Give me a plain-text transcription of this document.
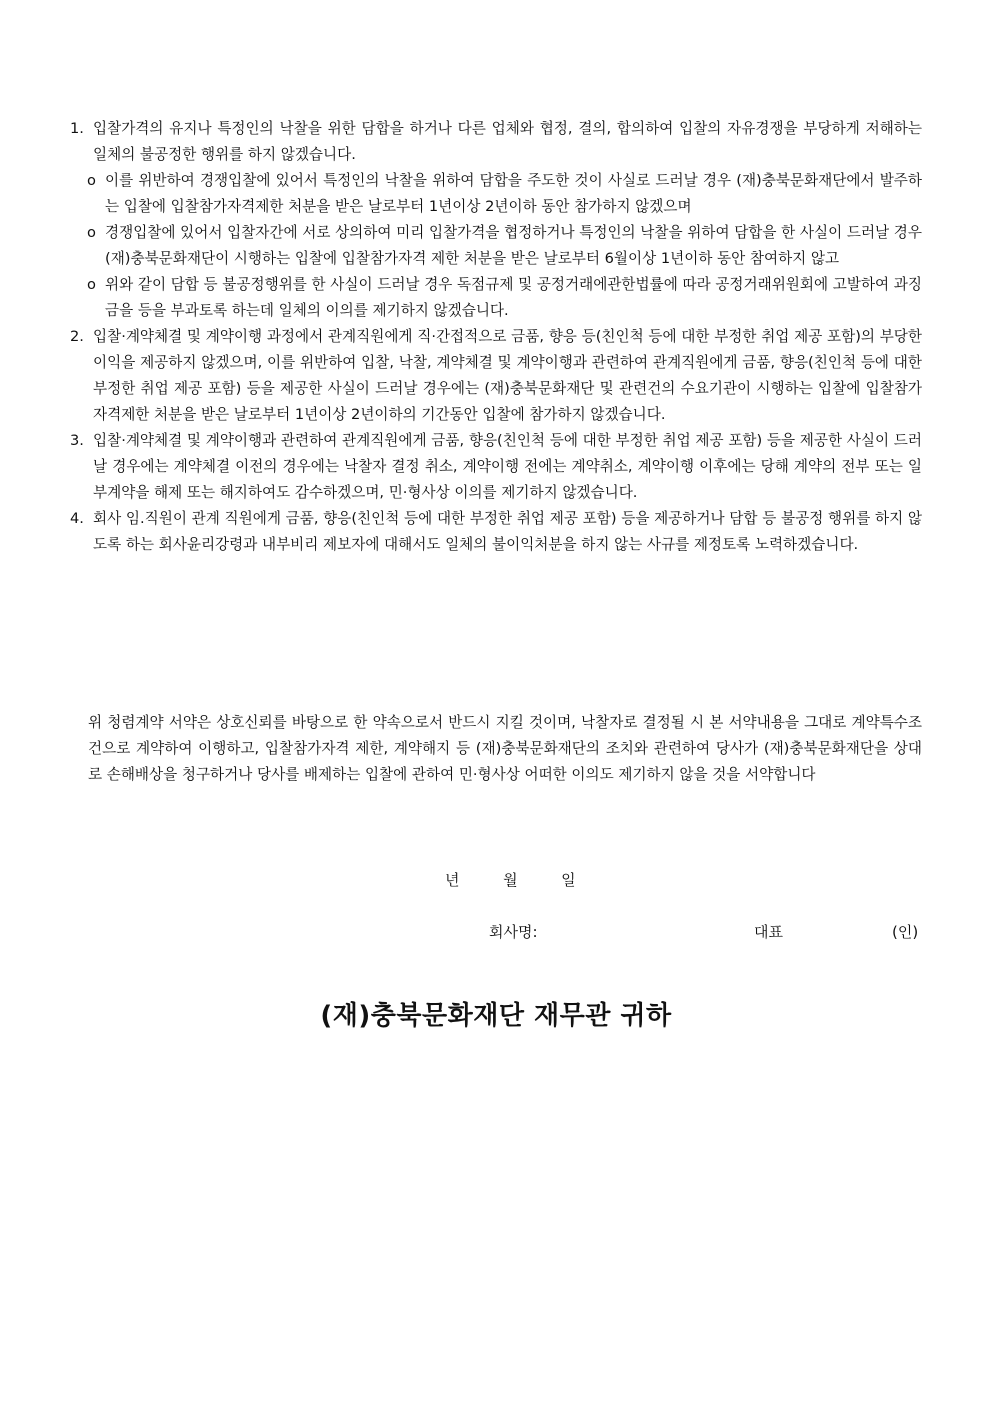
1. 입찰가격의 유지나 특정인의 낙찰을 위한 담합을 하거나 다른 업체와 협정, 결의, 합의하여 입찰의 자유경쟁을 부당하게 저해하는 일체의 불공정한 행위를 하지 않겠습니다.
o 이를 위반하여 경쟁입찰에 있어서 특정인의 낙찰을 위하여 담합을 주도한 것이 사실로 드러날 경우 (재)충북문화재단에서 발주하는 입찰에 입찰참가자격제한 처분을 받은 날로부터 1년이상 2년이하 동안 참가하지 않겠으며
o 경쟁입찰에 있어서 입찰자간에 서로 상의하여 미리 입찰가격을 협정하거나 특정인의 낙찰을 위하여 담합을 한 사실이 드러날 경우 (재)충북문화재단이 시행하는 입찰에 입찰참가자격 제한 처분을 받은 날로부터 6월이상 1년이하 동안 참여하지 않고
o 위와 같이 담합 등 불공정행위를 한 사실이 드러날 경우 독점규제 및 공정거래에관한법률에 따라 공정거래위원회에 고발하여 과징금을 등을 부과토록 하는데 일체의 이의를 제기하지 않겠습니다.
2. 입찰·계약체결 및 계약이행 과정에서 관계직원에게 직·간접적으로 금품, 향응 등(친인척 등에 대한 부정한 취업 제공 포함)의 부당한 이익을 제공하지 않겠으며, 이를 위반하여 입찰, 낙찰, 계약체결 및 계약이행과 관련하여 관계직원에게 금품, 향응(친인척 등에 대한 부정한 취업 제공 포함) 등을 제공한 사실이 드러날 경우에는 (재)충북문화재단 및 관련건의 수요기관이 시행하는 입찰에 입찰참가자격제한 처분을 받은 날로부터 1년이상 2년이하의 기간동안 입찰에 참가하지 않겠습니다.
3. 입찰·계약체결 및 계약이행과 관련하여 관계직원에게 금품, 향응(친인척 등에 대한 부정한 취업 제공 포함) 등을 제공한 사실이 드러날 경우에는 계약체결 이전의 경우에는 낙찰자 결정 취소, 계약이행 전에는 계약취소, 계약이행 이후에는 당해 계약의 전부 또는 일부계약을 해제 또는 해지하여도 감수하겠으며, 민·형사상 이의를 제기하지 않겠습니다.
4. 회사 임.직원이 관계 직원에게 금품, 향응(친인척 등에 대한 부정한 취업 제공 포함) 등을 제공하거나 담합 등 불공정 행위를 하지 않도록 하는 회사윤리강령과 내부비리 제보자에 대해서도 일체의 불이익처분을 하지 않는 사규를 제정토록 노력하겠습니다.
위 청렴계약 서약은 상호신뢰를 바탕으로 한 약속으로서 반드시 지킬 것이며, 낙찰자로 결정될 시 본 서약내용을 그대로 계약특수조건으로 계약하여 이행하고, 입찰참가자격 제한, 계약해지 등 (재)충북문화재단의 조치와 관련하여 당사가 (재)충북문화재단을 상대로 손해배상을 청구하거나 당사를 배제하는 입찰에 관하여 민·형사상 어떠한 이의도 제기하지 않을 것을 서약합니다
년	월	일
회사명:	대표	(인)
(재)충북문화재단 재무관 귀하
